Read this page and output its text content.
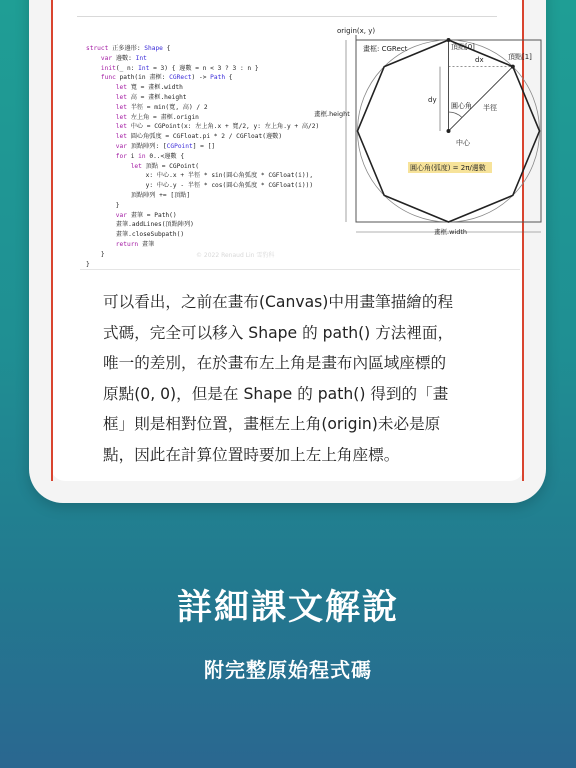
struct 正多邊形: Shape {
var 邊數: Int
init(_ n: Int = 3) { 邊數 = n < 3 ? 3 : n }
func path(in 畫框: CGRect) -> Path {
let 寬 = 畫框.width
let 高 = 畫框.height
let 半徑 = min(寬, 高) / 2
let 左上角 = 畫框.origin
let 中心 = CGPoint(x: 左上角.x + 寬/2, y: 左上角.y + 高/2)
let 圓心角弧度 = CGFloat.pi * 2 / CGFloat(邊數)
var 頂點陣列: [CGPoint] = []
for i in 0..<邊數 {
let 頂點 = CGPoint(
x: 中心.x + 半徑 * sin(圓心角弧度 * CGFloat(i)),
y: 中心.y - 半徑 * cos(圓心角弧度 * CGFloat(i)))
頂點陣列 += [頂點]
}
var 畫筆 = Path()
畫筆.addLines(頂點陣列)
畫筆.closeSubpath()
return 畫筆
}
}
origin(x, y)
畫框: CGRect	頂點[0]
頂點[1]
dx
dy
圓心角 半徑
中心
圓心角(弧度) = 2π/邊數
畫框.height
畫框.width
© 2022 Renaud Lin 雪豹科
可以看出，之前在畫布(Canvas)中用畫筆描繪的程
式碼，完全可以移入 Shape 的 path() 方法裡面，
唯一的差別，在於畫布左上角是畫布內區域座標的
原點(0, 0)，但是在 Shape 的 path() 得到的「畫
框」則是相對位置，畫框左上角(origin)未必是原
點，因此在計算位置時要加上左上角座標。
詳細課文解說
附完整原始程式碼
